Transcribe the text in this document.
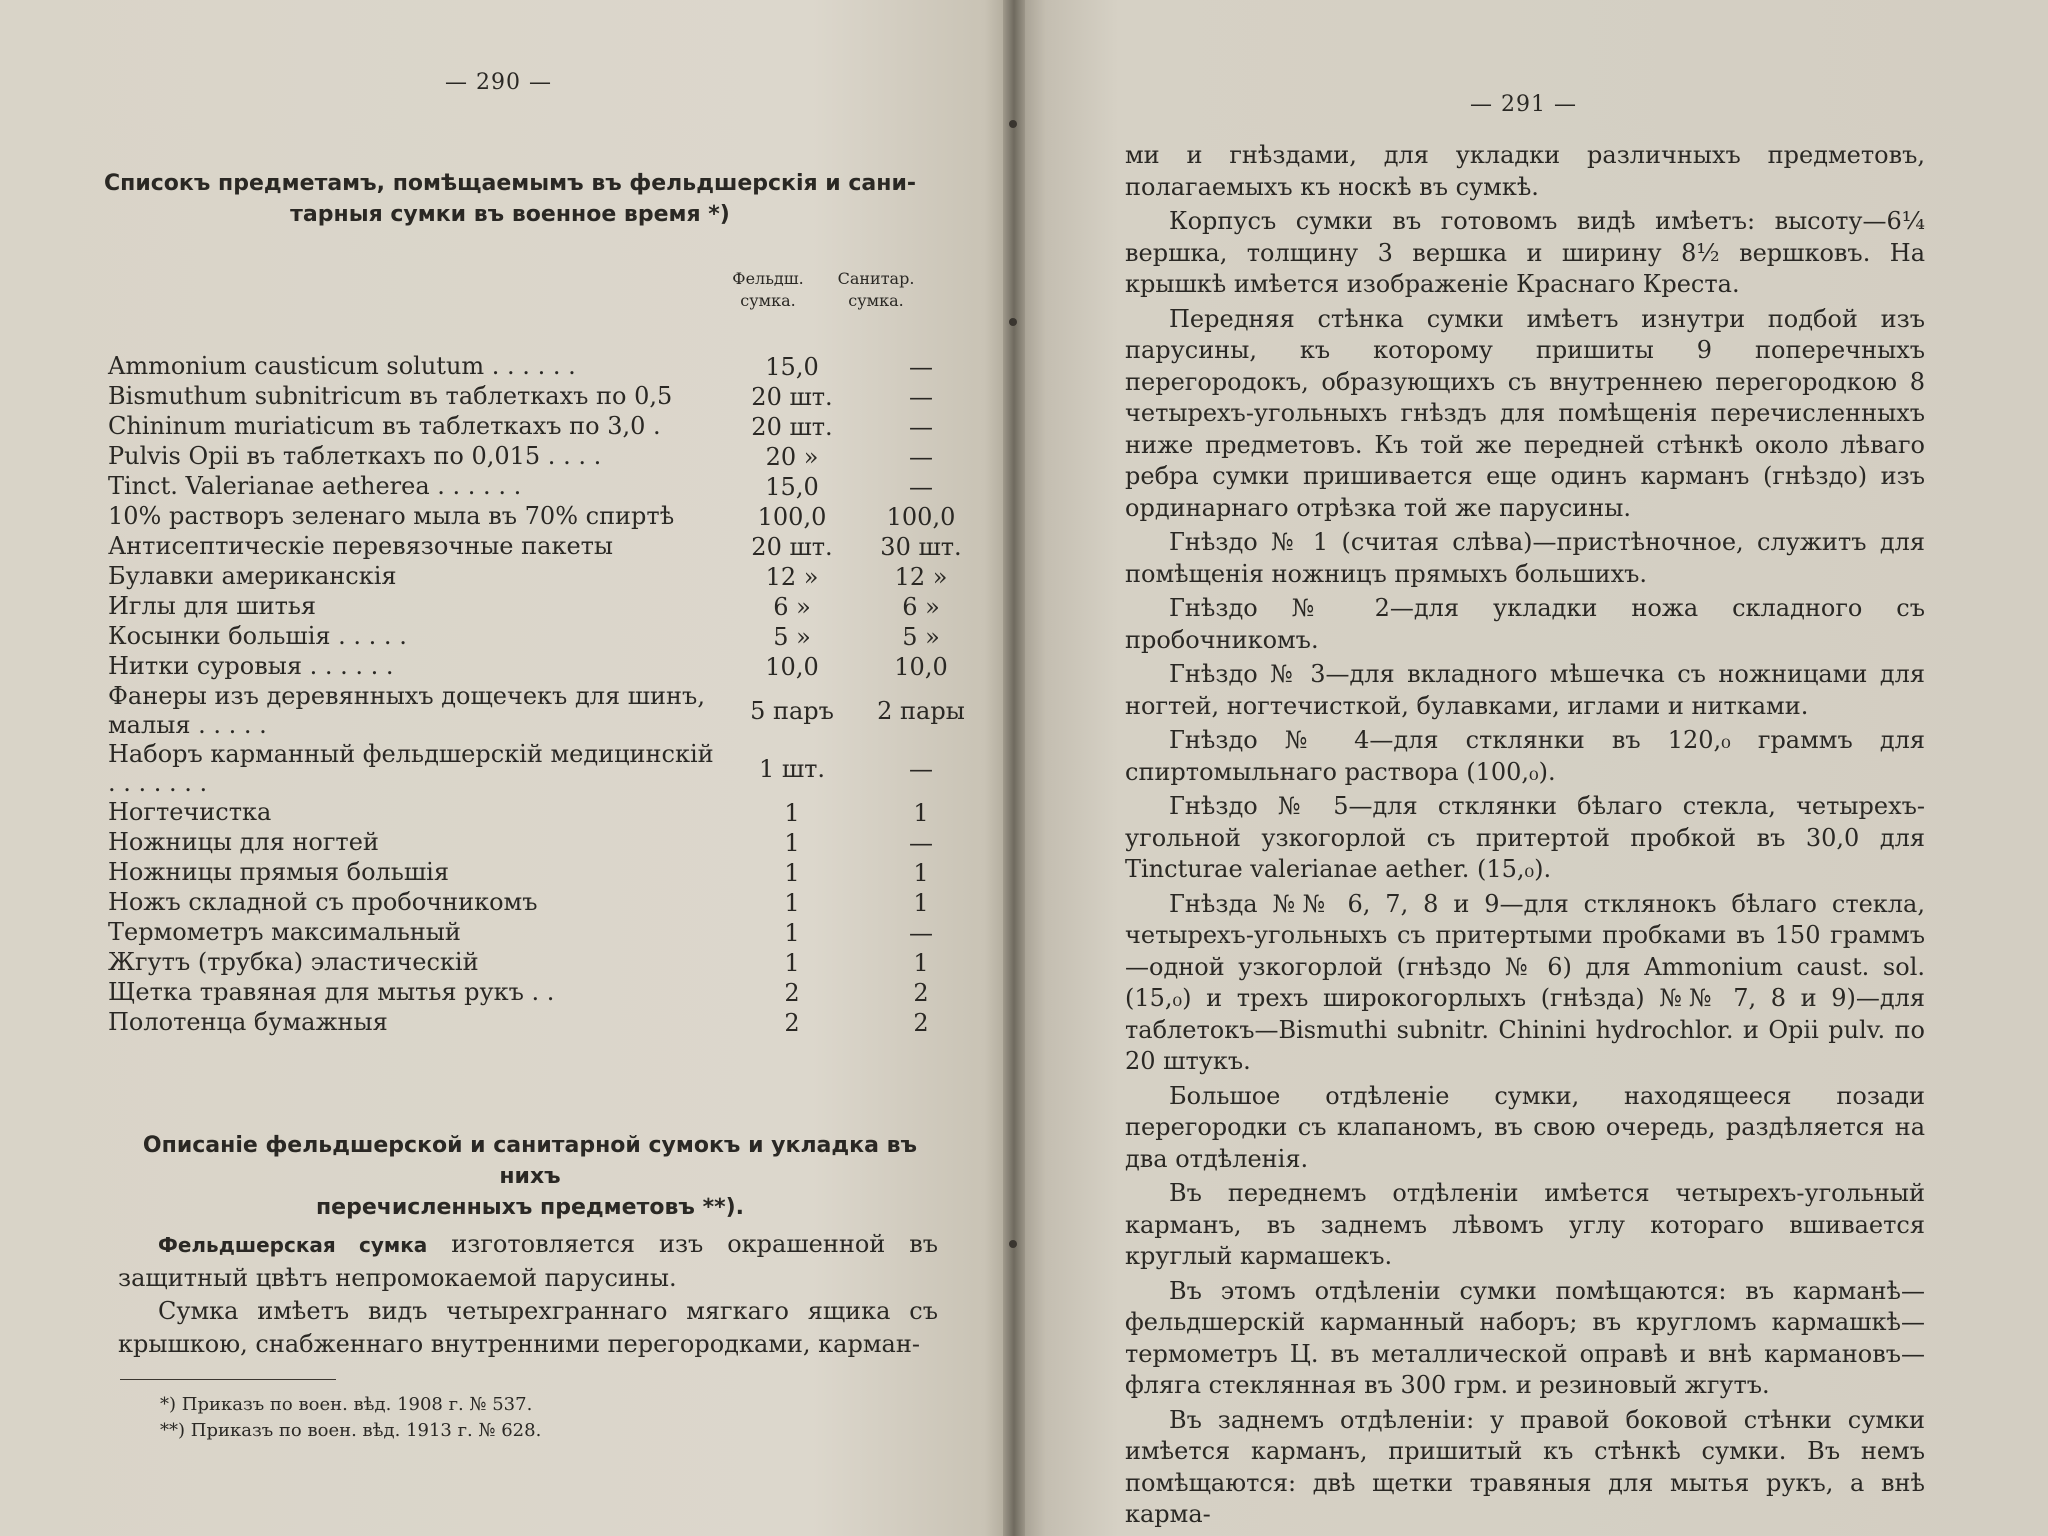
— 290 —
Списокъ предметамъ, помѣщаемымъ въ фельдшерскія и сани-
тарныя сумки въ военное время *)
Фельдш.
сумка.
Санитар.
сумка.
Ammonium causticum solutum . . . . . .	15,0	—
Bismuthum subnitricum въ таблеткахъ по 0,5	20 шт.	—
Chininum muriaticum въ таблеткахъ по 3,0 .	20 шт.	—
Pulvis Opii въ таблеткахъ по 0,015 . . . .	20 »	—
Tinct. Valerianae aetherea . . . . . .	15,0	—
10% растворъ зеленаго мыла въ 70% спиртѣ	100,0	100,0
Антисептическіе перевязочные пакеты	20 шт.	30 шт.
Булавки американскія	12 »	12 »
Иглы для шитья	6 »	6 »
Косынки большія . . . . .	5 »	5 »
Нитки суровыя . . . . . .	10,0	10,0
Фанеры изъ деревянныхъ дощечекъ для шинъ, малыя . . . . .	5 паръ	2 пары
Наборъ карманный фельдшерскій медицинскій . . . . . . .	1 шт.	—
Ногтечистка	1	1
Ножницы для ногтей	1	—
Ножницы прямыя большія	1	1
Ножъ складной съ пробочникомъ	1	1
Термометръ максимальный	1	—
Жгутъ (трубка) эластическій	1	1
Щетка травяная для мытья рукъ . .	2	2
Полотенца бумажныя	2	2
Описаніе фельдшерской и санитарной сумокъ и укладка въ нихъ
перечисленныхъ предметовъ **).
Фельдшерская сумка изготовляется изъ окрашенной въ защитный цвѣтъ непромокаемой парусины.
Сумка имѣетъ видъ четырехграннаго мягкаго ящика съ крышкою, снабженнаго внутренними перегородками, карман-
*) Приказъ по воен. вѣд. 1908 г. № 537.
**) Приказъ по воен. вѣд. 1913 г. № 628.
— 291 —

ми и гнѣздами, для укладки различныхъ предметовъ, полагаемыхъ къ носкѣ въ сумкѣ.

Корпусъ сумки въ готовомъ видѣ имѣетъ: высоту—6¼ вершка, толщину 3 вершка и ширину 8½ вершковъ. На крышкѣ имѣется изображеніе Краснаго Креста.

Передняя стѣнка сумки имѣетъ изнутри подбой изъ парусины, къ которому пришиты 9 поперечныхъ перегородокъ, образующихъ съ внутреннею перегородкою 8 четырехъ-угольныхъ гнѣздъ для помѣщенія перечисленныхъ ниже предметовъ. Къ той же передней стѣнкѣ около лѣваго ребра сумки пришивается еще одинъ карманъ (гнѣздо) изъ ординарнаго отрѣзка той же парусины.

Гнѣздо № 1 (считая слѣва)—пристѣночное, служитъ для помѣщенія ножницъ прямыхъ большихъ.

Гнѣздо № 2—для укладки ножа складного съ пробочникомъ.

Гнѣздо № 3—для вкладного мѣшечка съ ножницами для ногтей, ногтечисткой, булавками, иглами и нитками.

Гнѣздо № 4—для стклянки въ 120,₀ граммъ для спиртомыльнаго раствора (100,₀).

Гнѣздо № 5—для стклянки бѣлаго стекла, четырехъ-угольной узкогорлой съ притертой пробкой въ 30,0 для Tincturae valerianae aether. (15,₀).

Гнѣзда №№ 6, 7, 8 и 9—для стклянокъ бѣлаго стекла, четырехъ-угольныхъ съ притертыми пробками въ 150 граммъ—одной узкогорлой (гнѣздо № 6) для Ammonium caust. sol. (15,₀) и трехъ широкогорлыхъ (гнѣзда) №№ 7, 8 и 9)—для таблетокъ—Bismuthi subnitr. Chinini hydrochlor. и Opii pulv. по 20 штукъ.

Большое отдѣленіе сумки, находящееся позади перегородки съ клапаномъ, въ свою очередь, раздѣляется на два отдѣленія.

Въ переднемъ отдѣленіи имѣется четырехъ-угольный карманъ, въ заднемъ лѣвомъ углу котораго вшивается круглый кармашекъ.

Въ этомъ отдѣленіи сумки помѣщаются: въ карманѣ—фельдшерскій карманный наборъ; въ кругломъ кармашкѣ—термометръ Ц. въ металлической оправѣ и внѣ кармановъ—фляга стеклянная въ 300 грм. и резиновый жгутъ.

Въ заднемъ отдѣленіи: у правой боковой стѣнки сумки имѣется карманъ, пришитый къ стѣнкѣ сумки. Въ немъ помѣщаются: двѣ щетки травяныя для мытья рукъ, а внѣ карма-
